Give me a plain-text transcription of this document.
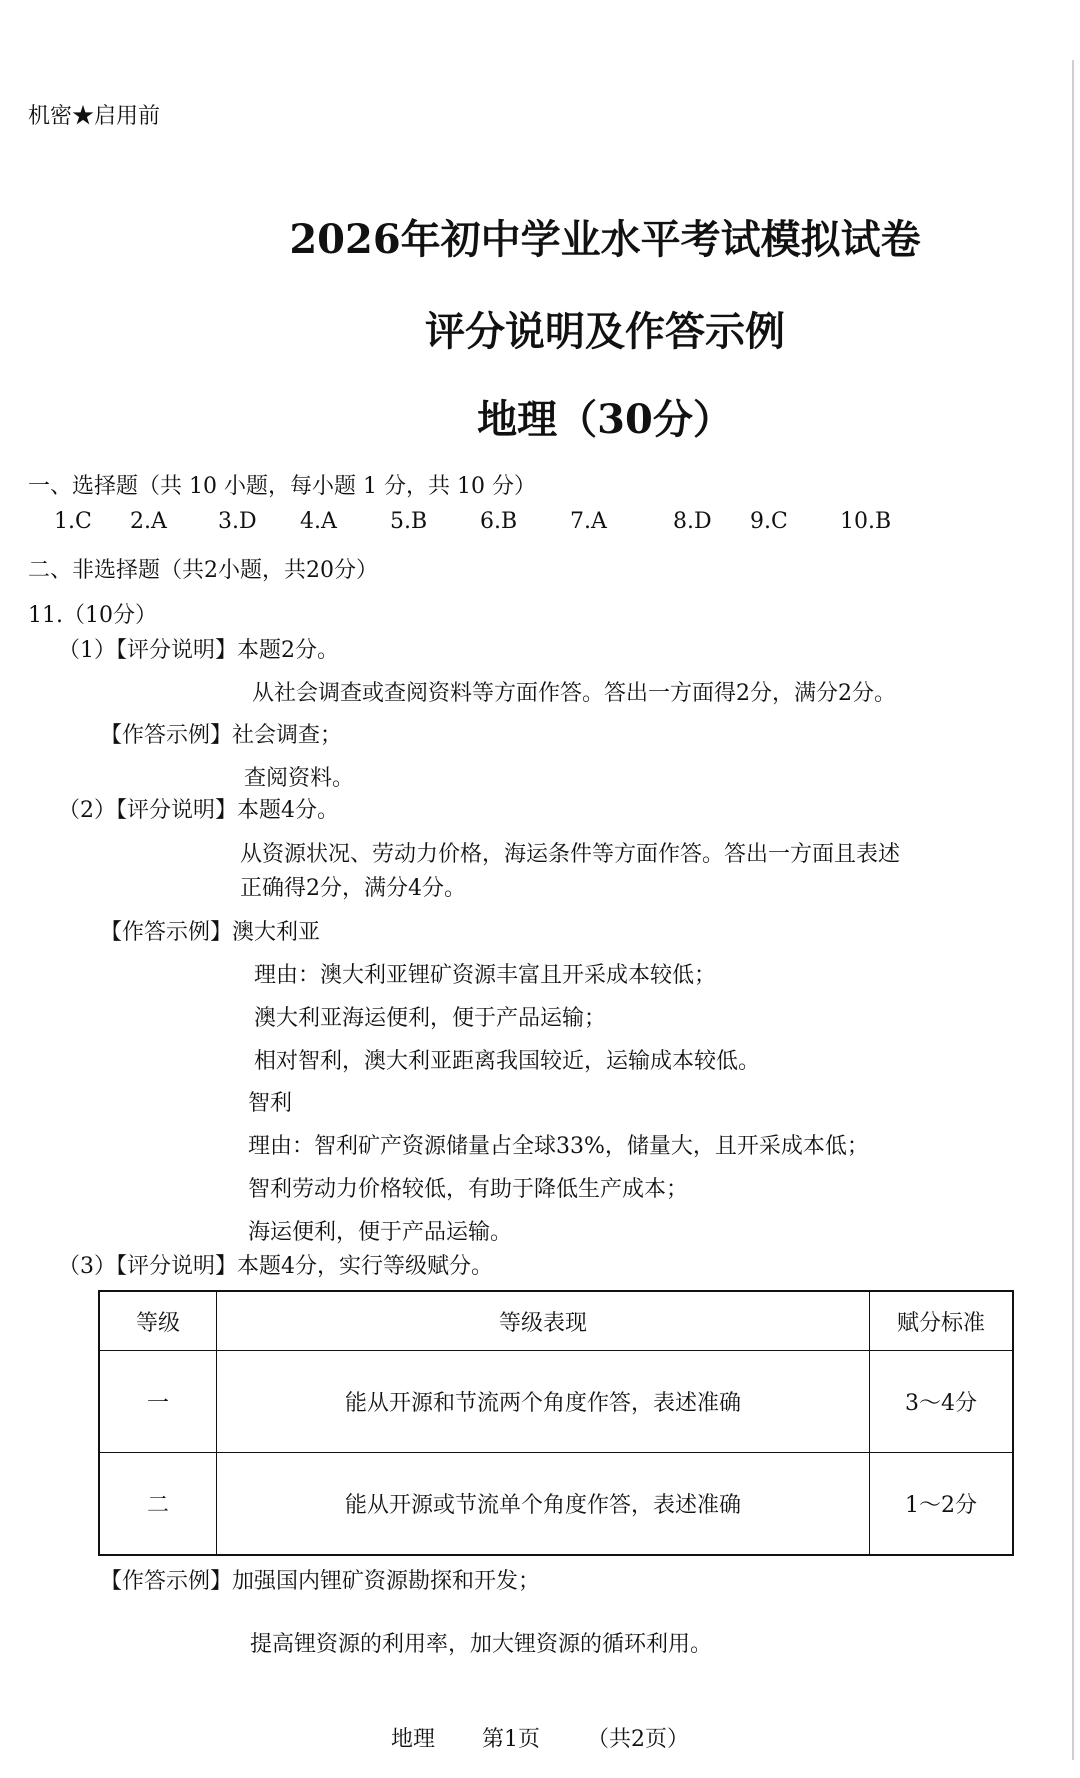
机密★启用前
2026年初中学业水平考试模拟试卷
评分说明及作答示例
地理（30分）
一、选择题（共 10 小题，每小题 1 分，共 10 分）
1.C 2.A 3.D 4.A 5.B 6.B 7.A	8.D 9.C 10.B
二、非选择题（共2小题，共20分）
11.（10分）
（1）【评分说明】本题2分。
从社会调查或查阅资料等方面作答。答出一方面得2分，满分2分。
【作答示例】社会调查；
查阅资料。
（2）【评分说明】本题4分。
从资源状况、劳动力价格，海运条件等方面作答。答出一方面且表述
正确得2分，满分4分。
【作答示例】澳大利亚
理由：澳大利亚锂矿资源丰富且开采成本较低；
澳大利亚海运便利，便于产品运输；
相对智利，澳大利亚距离我国较近，运输成本较低。
智利
理由：智利矿产资源储量占全球33%，储量大，且开采成本低；
智利劳动力价格较低，有助于降低生产成本；
海运便利，便于产品运输。
（3）【评分说明】本题4分，实行等级赋分。
等级	等级表现	赋分标准
一	能从开源和节流两个角度作答，表述准确	3～4分
二	能从开源或节流单个角度作答，表述准确	1～2分
【作答示例】加强国内锂矿资源勘探和开发；
提高锂资源的利用率，加大锂资源的循环利用。
地理 第1页 （共2页）
